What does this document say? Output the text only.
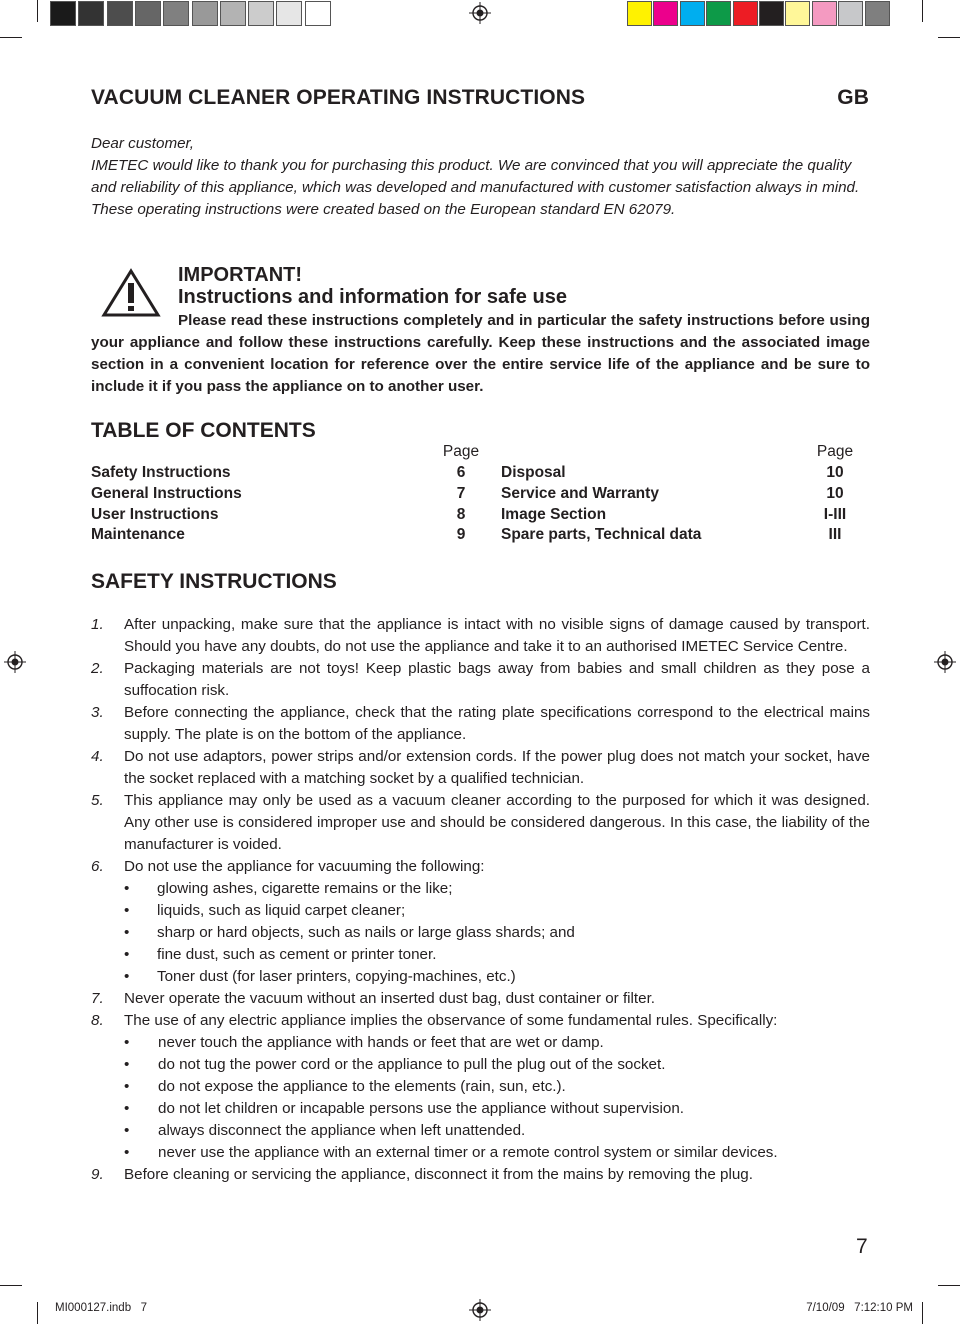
VACUUM CLEANER OPERATING INSTRUCTIONS	GB

Dear customer,

IMETEC would like to thank you for purchasing this product. We are convinced that you will appreciate the quality and reliability of this appliance, which was developed and manufactured with customer satisfaction always in mind.

These operating instructions were created based on the European standard EN 62079.

IMPORTANT!
Instructions and information for safe use
Please read these instructions completely and in particular the safety instructions before using your appliance and follow these instructions carefully. Keep these instructions and the associated image section in a convenient location for reference over the entire service life of the appliance and be sure to include it if you pass the appliance on to another user.
TABLE OF CONTENTS
Page	Page
Safety Instructions	6
General Instructions	7
User Instructions	8
Maintenance	9
Disposal	10
Service and Warranty	10
Image Section	I-III
Spare parts, Technical data	III
SAFETY INSTRUCTIONS
1. After unpacking, make sure that the appliance is intact with no visible signs of damage caused by transport. Should you have any doubts, do not use the appliance and take it to an authorised IMETEC Service Centre.
2. Packaging materials are not toys! Keep plastic bags away from babies and small children as they pose a suffocation risk.
3. Before connecting the appliance, check that the rating plate specifications correspond to the electrical mains supply. The plate is on the bottom of the appliance.
4. Do not use adaptors, power strips and/or extension cords. If the power plug does not match your socket, have the socket replaced with a matching socket by a qualified technician.
5. This appliance may only be used as a vacuum cleaner according to the purposed for which it was designed. Any other use is considered improper use and should be considered dangerous. In this case, the liability of the manufacturer is voided.
6. Do not use the appliance for vacuuming the following:
• glowing ashes, cigarette remains or the like;
• liquids, such as liquid carpet cleaner;
• sharp or hard objects, such as nails or large glass shards; and
• fine dust, such as cement or printer toner.
• Toner dust (for laser printers, copying-machines, etc.)
7. Never operate the vacuum without an inserted dust bag, dust container or filter.
8. The use of any electric appliance implies the observance of some fundamental rules. Specifically:
• never touch the appliance with hands or feet that are wet or damp.
• do not tug the power cord or the appliance to pull the plug out of the socket.
• do not expose the appliance to the elements (rain, sun, etc.).
• do not let children or incapable persons use the appliance without supervision.
• always disconnect the appliance when left unattended.
• never use the appliance with an external timer or a remote control system or similar devices.
9. Before cleaning or servicing the appliance, disconnect it from the mains by removing the plug.
7
MI000127.indb   7	7/10/09   7:12:10 PM
